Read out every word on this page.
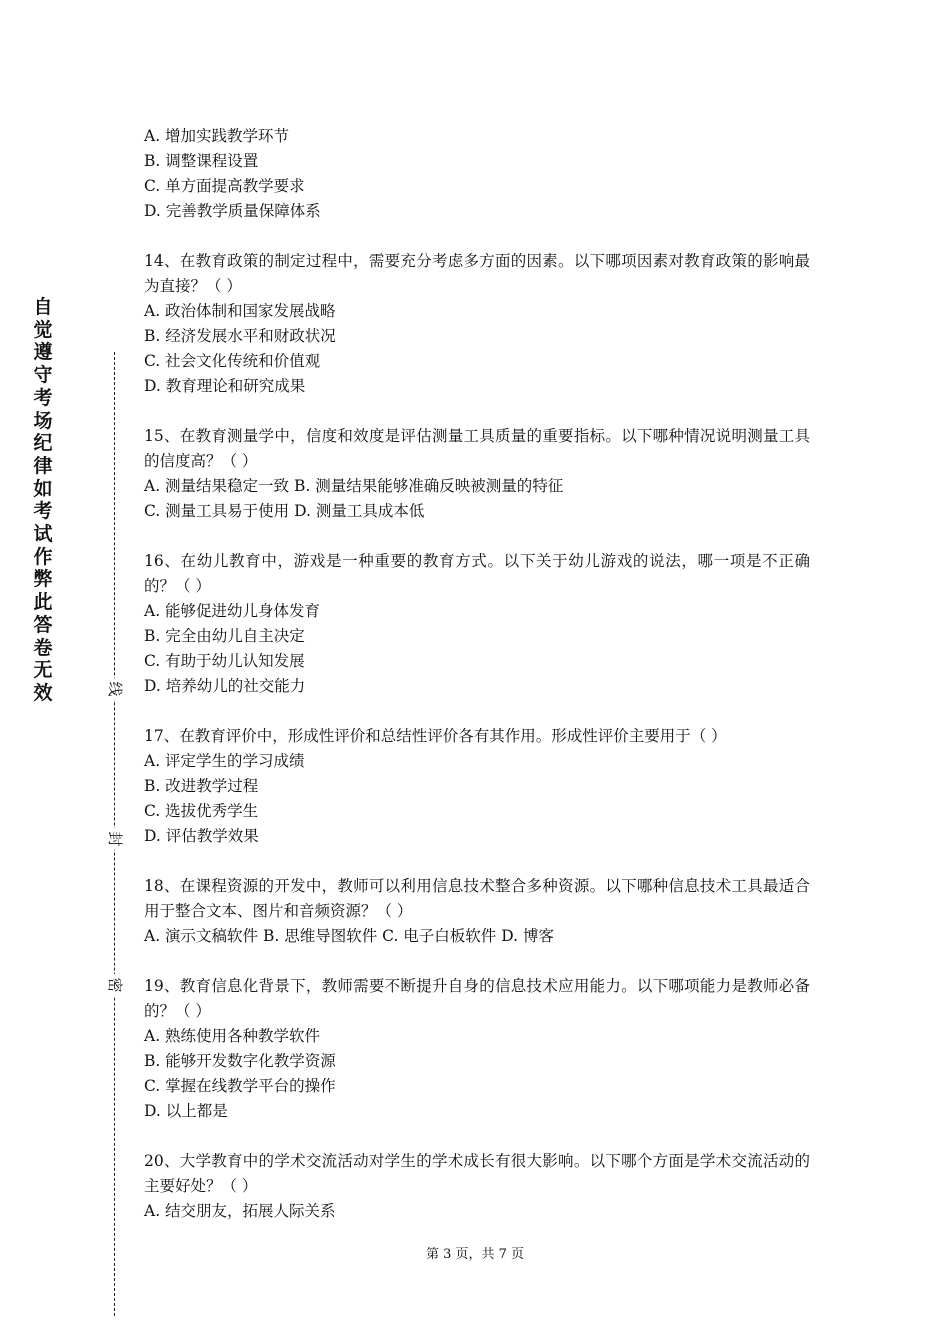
自觉遵守考场纪律如考试作弊此答卷无效	线
封
密
A. 增加实践教学环节
B. 调整课程设置
C. 单方面提高教学要求
D. 完善教学质量保障体系
14、在教育政策的制定过程中，需要充分考虑多方面的因素。以下哪项因素对教育政策的影响最为直接？（ ）
A. 政治体制和国家发展战略
B. 经济发展水平和财政状况
C. 社会文化传统和价值观
D. 教育理论和研究成果
15、在教育测量学中，信度和效度是评估测量工具质量的重要指标。以下哪种情况说明测量工具的信度高？（ ）
A. 测量结果稳定一致 B. 测量结果能够准确反映被测量的特征
C. 测量工具易于使用 D. 测量工具成本低
16、在幼儿教育中，游戏是一种重要的教育方式。以下关于幼儿游戏的说法，哪一项是不正确的？（ ）
A. 能够促进幼儿身体发育
B. 完全由幼儿自主决定
C. 有助于幼儿认知发展
D. 培养幼儿的社交能力
17、在教育评价中，形成性评价和总结性评价各有其作用。形成性评价主要用于（ ）
A. 评定学生的学习成绩
B. 改进教学过程
C. 选拔优秀学生
D. 评估教学效果
18、在课程资源的开发中，教师可以利用信息技术整合多种资源。以下哪种信息技术工具最适合用于整合文本、图片和音频资源？（ ）
A. 演示文稿软件 B. 思维导图软件 C. 电子白板软件 D. 博客
19、教育信息化背景下，教师需要不断提升自身的信息技术应用能力。以下哪项能力是教师必备的？（ ）
A. 熟练使用各种教学软件
B. 能够开发数字化教学资源
C. 掌握在线教学平台的操作
D. 以上都是
20、大学教育中的学术交流活动对学生的学术成长有很大影响。以下哪个方面是学术交流活动的主要好处？（ ）
A. 结交朋友，拓展人际关系
第 3 页，共 7 页
